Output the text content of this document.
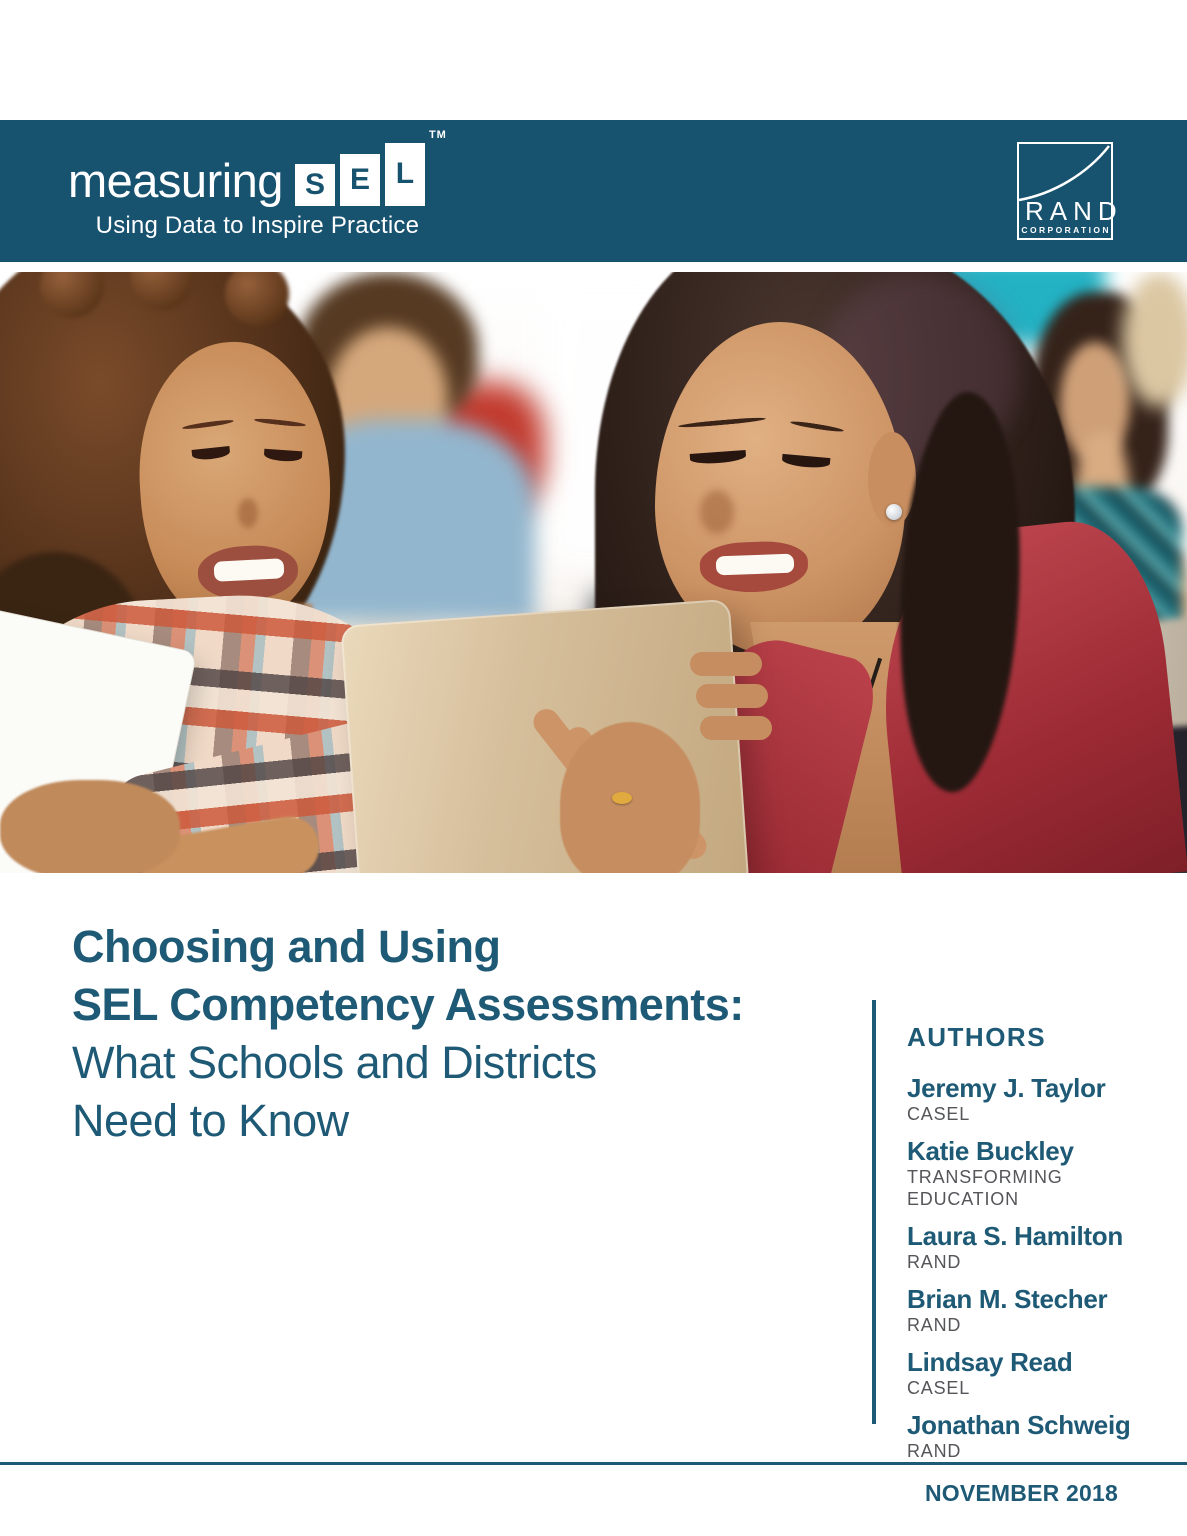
measuring S E L
TM
Using Data to Inspire Practice	RAND
CORPORATION
Choosing and Using
SEL Competency Assessments:
What Schools and Districts
Need to Know
AUTHORS
Jeremy J. Taylor
CASEL
Katie Buckley
TRANSFORMING EDUCATION
Laura S. Hamilton
RAND
Brian M. Stecher
RAND
Lindsay Read
CASEL
Jonathan Schweig
RAND
NOVEMBER 2018
